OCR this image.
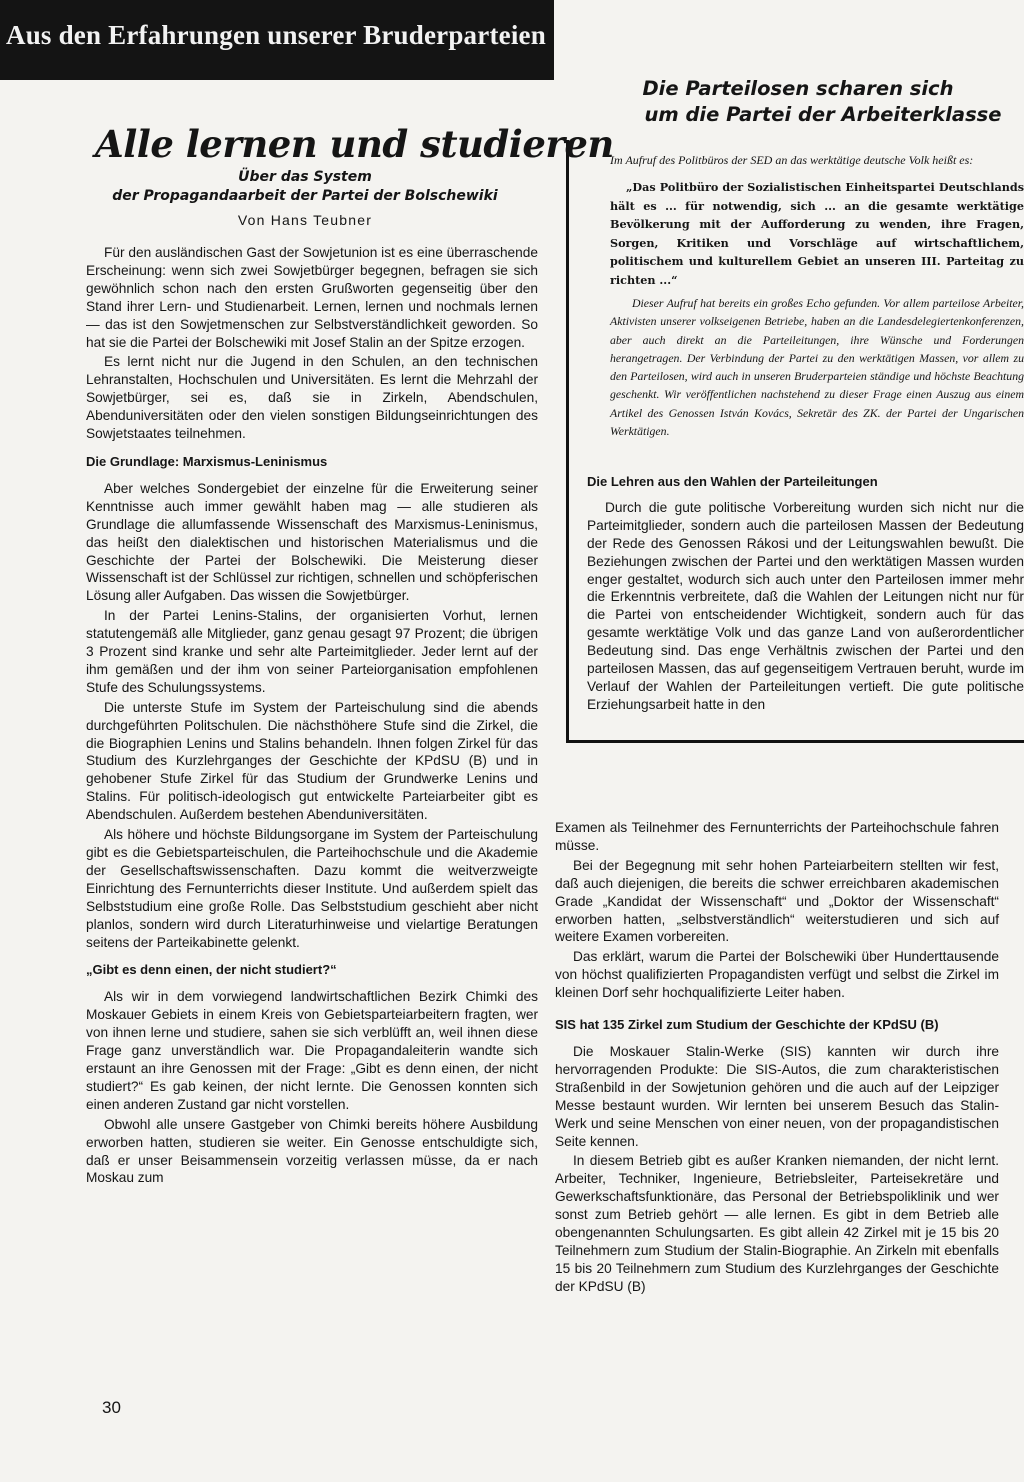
Aus den Erfahrungen unserer Bruderparteien
Die Parteilosen scharen sich
um die Partei der Arbeiterklasse
Im Aufruf des Politbüros der SED an das werktätige deutsche Volk heißt es:
„Das Politbüro der Sozialistischen Einheitspartei Deutschlands hält es ... für notwendig, sich ... an die gesamte werktätige Bevölkerung mit der Aufforderung zu wenden, ihre Fragen, Sorgen, Kritiken und Vorschläge auf wirtschaftlichem, politischem und kulturellem Gebiet an unseren III. Parteitag zu richten ...“
Dieser Aufruf hat bereits ein großes Echo gefunden. Vor allem parteilose Arbeiter, Aktivisten unserer volkseigenen Betriebe, haben an die Landesdelegiertenkonferenzen, aber auch direkt an die Parteileitungen, ihre Wünsche und Forderungen herangetragen. Der Verbindung der Partei zu den werktätigen Massen, vor allem zu den Parteilosen, wird auch in unseren Bruderparteien ständige und höchste Beachtung geschenkt. Wir veröffentlichen nachstehend zu dieser Frage einen Auszug aus einem Artikel des Genossen István Kovács, Sekretär des ZK. der Partei der Ungarischen Werktätigen.
Die Lehren aus den Wahlen der Parteileitungen

Durch die gute politische Vorbereitung wurden sich nicht nur die Parteimitglieder, sondern auch die parteilosen Massen der Bedeutung der Rede des Genossen Rákosi und der Leitungswahlen bewußt. Die Beziehungen zwischen der Partei und den werktätigen Massen wurden enger gestaltet, wodurch sich auch unter den Parteilosen immer mehr die Erkenntnis verbreitete, daß die Wahlen der Leitungen nicht nur für die Partei von entscheidender Wichtigkeit, sondern auch für das gesamte werktätige Volk und das ganze Land von außerordentlicher Bedeutung sind. Das enge Verhältnis zwischen der Partei und den parteilosen Massen, das auf gegenseitigem Vertrauen beruht, wurde im Verlauf der Wahlen der Parteileitungen vertieft. Die gute politische Erziehungsarbeit hatte in den

Alle lernen und studieren
Über das System
der Propagandaarbeit der Partei der Bolschewiki
Von Hans Teubner

Für den ausländischen Gast der Sowjetunion ist es eine überraschende Erscheinung: wenn sich zwei Sowjetbürger begegnen, befragen sie sich gewöhnlich schon nach den ersten Grußworten gegenseitig über den Stand ihrer Lern- und Studienarbeit. Lernen, lernen und nochmals lernen — das ist den Sowjetmenschen zur Selbstverständlichkeit geworden. So hat sie die Partei der Bolschewiki mit Josef Stalin an der Spitze erzogen.

Es lernt nicht nur die Jugend in den Schulen, an den technischen Lehranstalten, Hochschulen und Universitäten. Es lernt die Mehrzahl der Sowjetbürger, sei es, daß sie in Zirkeln, Abendschulen, Abenduniversitäten oder den vielen sonstigen Bildungseinrichtungen des Sowjetstaates teilnehmen.

Die Grundlage: Marxismus-Leninismus

Aber welches Sondergebiet der einzelne für die Erweiterung seiner Kenntnisse auch immer gewählt haben mag — alle studieren als Grundlage die allumfassende Wissenschaft des Marxismus-Leninismus, das heißt den dialektischen und historischen Materialismus und die Geschichte der Partei der Bolschewiki. Die Meisterung dieser Wissenschaft ist der Schlüssel zur richtigen, schnellen und schöpferischen Lösung aller Aufgaben. Das wissen die Sowjetbürger.

In der Partei Lenins-Stalins, der organisierten Vorhut, lernen statutengemäß alle Mitglieder, ganz genau gesagt 97 Prozent; die übrigen 3 Prozent sind kranke und sehr alte Parteimitglieder. Jeder lernt auf der ihm gemäßen und der ihm von seiner Parteiorganisation empfohlenen Stufe des Schulungssystems.

Die unterste Stufe im System der Parteischulung sind die abends durchgeführten Politschulen. Die nächsthöhere Stufe sind die Zirkel, die die Biographien Lenins und Stalins behandeln. Ihnen folgen Zirkel für das Studium des Kurzlehrganges der Geschichte der KPdSU (B) und in gehobener Stufe Zirkel für das Studium der Grundwerke Lenins und Stalins. Für politisch-ideologisch gut entwickelte Parteiarbeiter gibt es Abendschulen. Außerdem bestehen Abenduniversitäten.

Als höhere und höchste Bildungsorgane im System der Parteischulung gibt es die Gebietsparteischulen, die Parteihochschule und die Akademie der Gesellschaftswissenschaften. Dazu kommt die weitverzweigte Einrichtung des Fernunterrichts dieser Institute. Und außerdem spielt das Selbststudium eine große Rolle. Das Selbststudium geschieht aber nicht planlos, sondern wird durch Literaturhinweise und vielartige Beratungen seitens der Parteikabinette gelenkt.

„Gibt es denn einen, der nicht studiert?“

Als wir in dem vorwiegend landwirtschaftlichen Bezirk Chimki des Moskauer Gebiets in einem Kreis von Gebietsparteiarbeitern fragten, wer von ihnen lerne und studiere, sahen sie sich verblüfft an, weil ihnen diese Frage ganz unverständlich war. Die Propagandaleiterin wandte sich erstaunt an ihre Genossen mit der Frage: „Gibt es denn einen, der nicht studiert?“ Es gab keinen, der nicht lernte. Die Genossen konnten sich einen anderen Zustand gar nicht vorstellen.

Obwohl alle unsere Gastgeber von Chimki bereits höhere Ausbildung erworben hatten, studieren sie weiter. Ein Genosse entschuldigte sich, daß er unser Beisammensein vorzeitig verlassen müsse, da er nach Moskau zum

Examen als Teilnehmer des Fernunterrichts der Parteihochschule fahren müsse.

Bei der Begegnung mit sehr hohen Parteiarbeitern stellten wir fest, daß auch diejenigen, die bereits die schwer erreichbaren akademischen Grade „Kandidat der Wissenschaft“ und „Doktor der Wissenschaft“ erworben hatten, „selbstverständlich“ weiterstudieren und sich auf weitere Examen vorbereiten.

Das erklärt, warum die Partei der Bolschewiki über Hunderttausende von höchst qualifizierten Propagandisten verfügt und selbst die Zirkel im kleinen Dorf sehr hochqualifizierte Leiter haben.

SIS hat 135 Zirkel zum Studium der Geschichte der KPdSU (B)

Die Moskauer Stalin-Werke (SIS) kannten wir durch ihre hervorragenden Produkte: Die SIS-Autos, die zum charakteristischen Straßenbild in der Sowjetunion gehören und die auch auf der Leipziger Messe bestaunt wurden. Wir lernten bei unserem Besuch das Stalin-Werk und seine Menschen von einer neuen, von der propagandistischen Seite kennen.

In diesem Betrieb gibt es außer Kranken niemanden, der nicht lernt. Arbeiter, Techniker, Ingenieure, Betriebsleiter, Parteisekretäre und Gewerkschaftsfunktionäre, das Personal der Betriebspoliklinik und wer sonst zum Betrieb gehört — alle lernen. Es gibt in dem Betrieb alle obengenannten Schulungsarten. Es gibt allein 42 Zirkel mit je 15 bis 20 Teilnehmern zum Studium der Stalin-Biographie. An Zirkeln mit ebenfalls 15 bis 20 Teilnehmern zum Studium des Kurzlehrganges der Geschichte der KPdSU (B)

30
